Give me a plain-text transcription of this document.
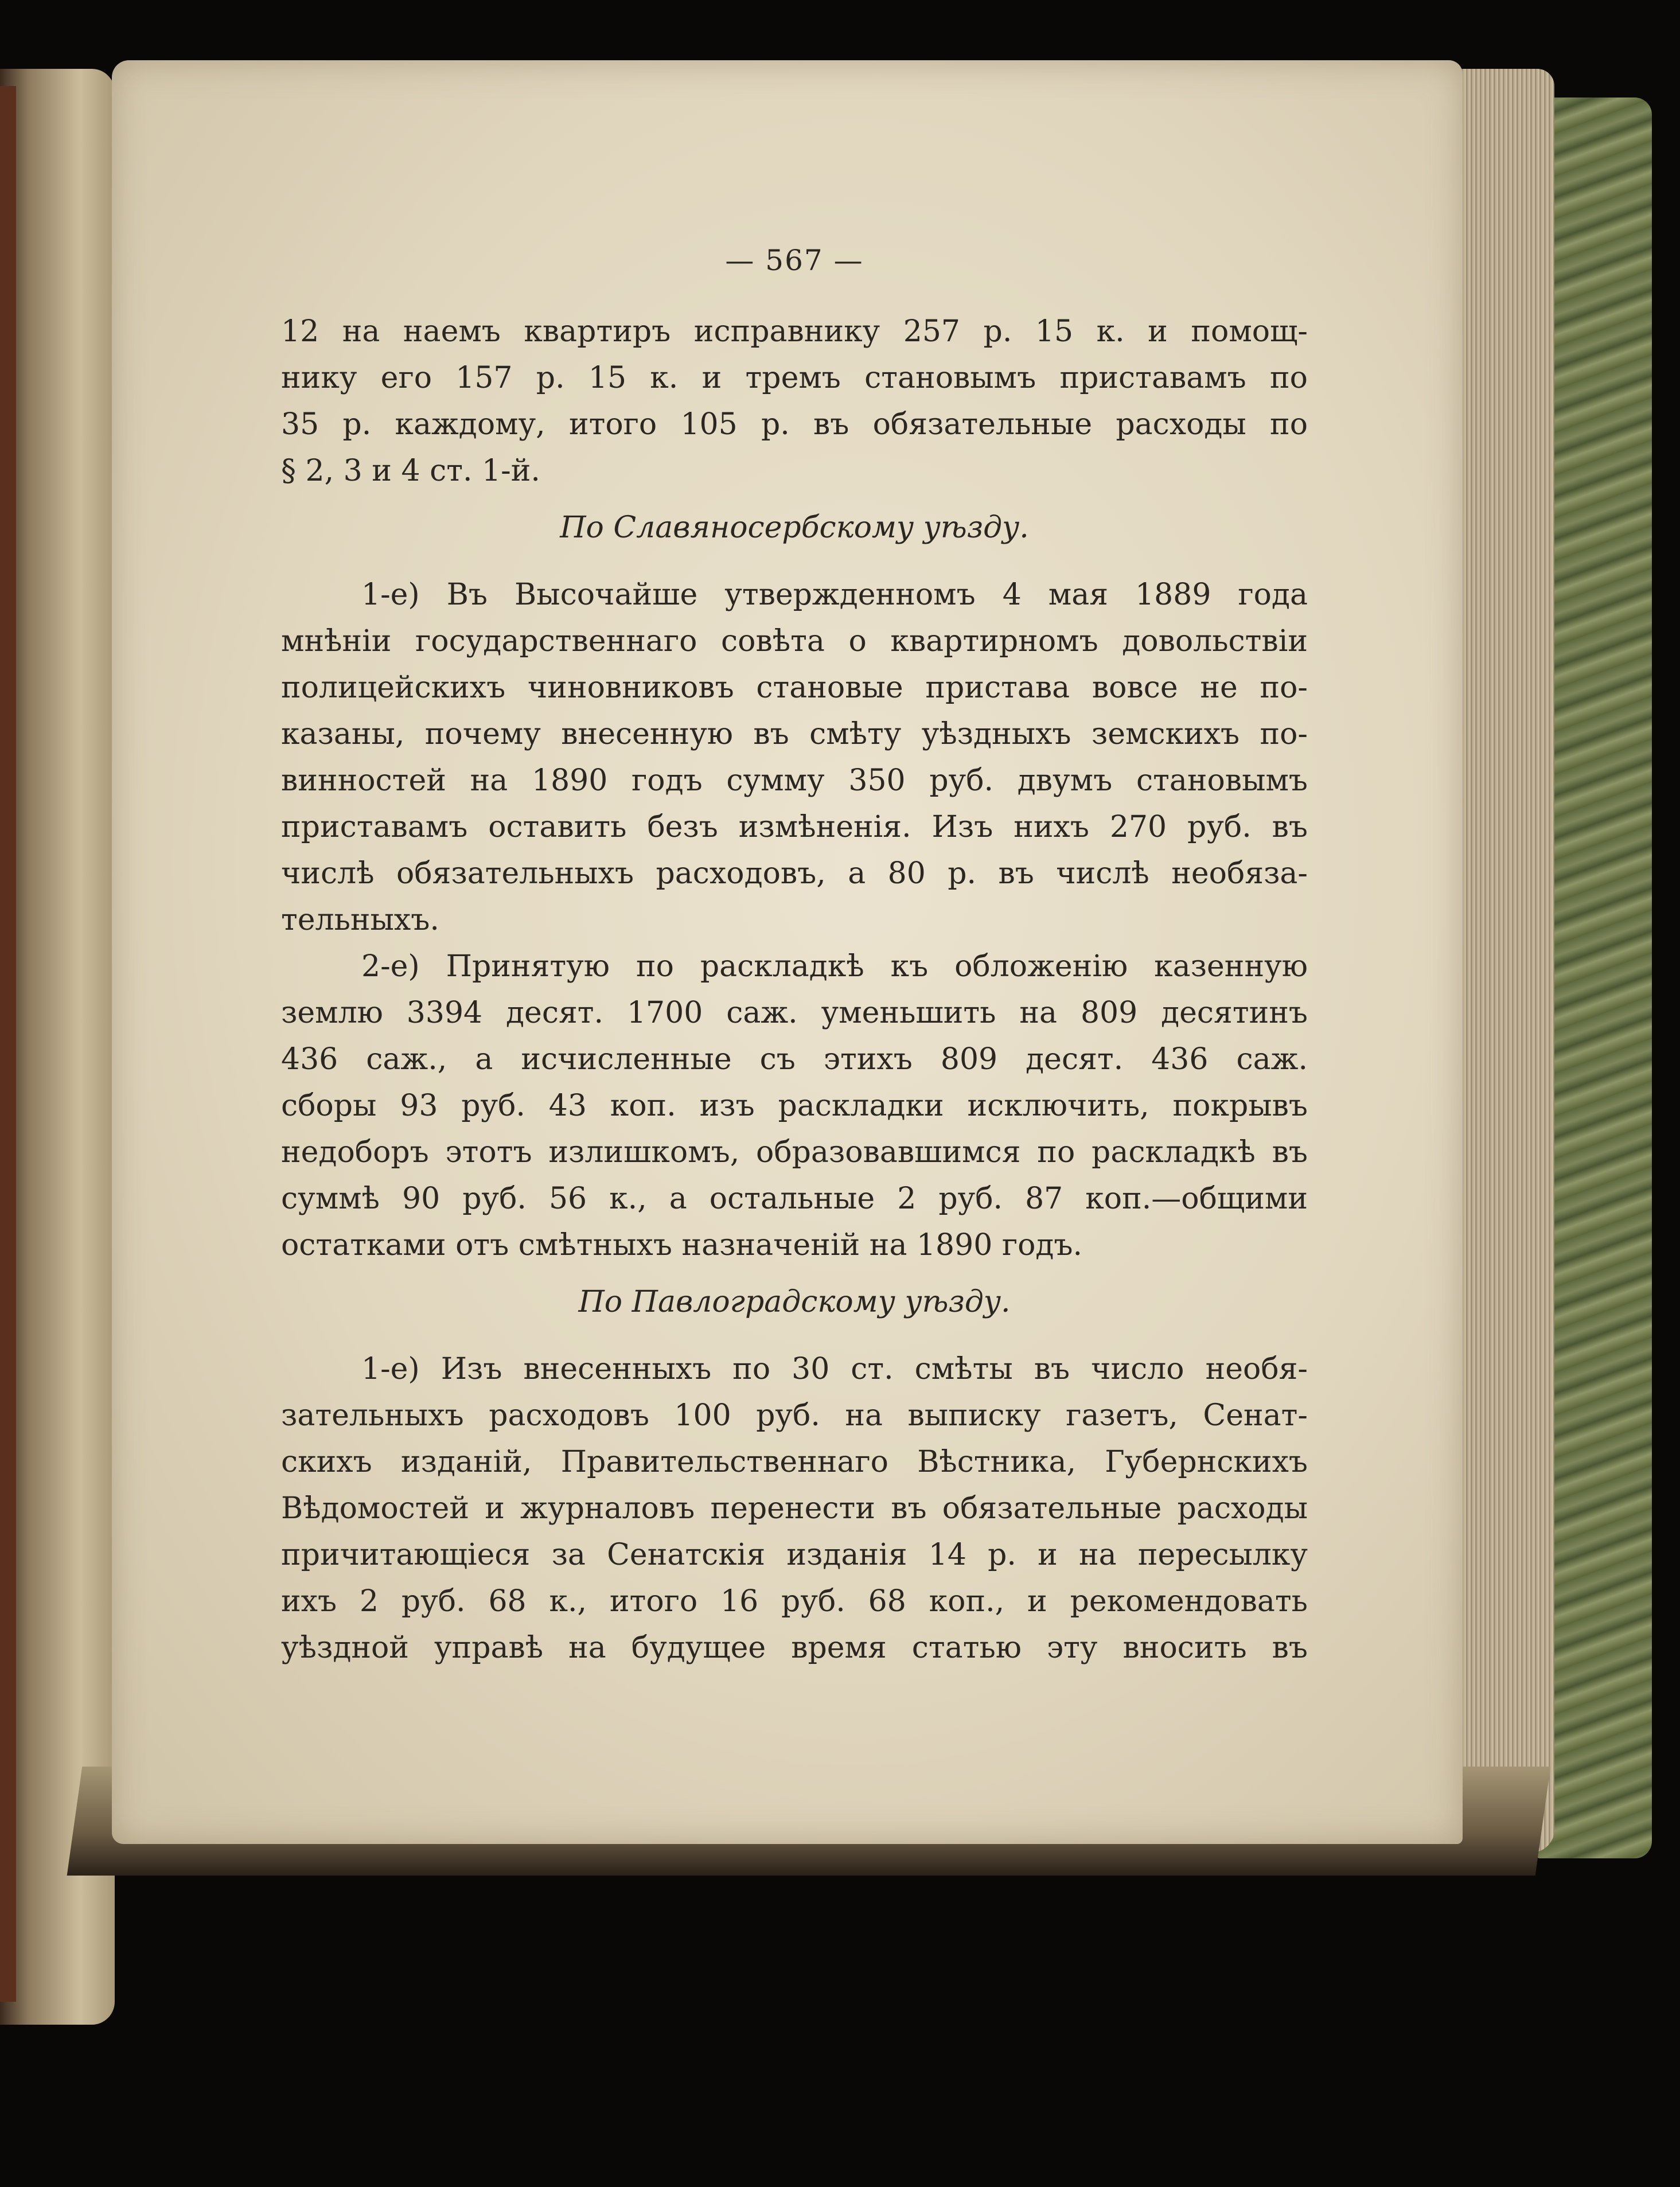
— 567 —
12 на наемъ квартиръ исправнику 257 р. 15 к. и помощ-
нику его 157 р. 15 к. и тремъ становымъ приставамъ по
35 р. каждому, итого 105 р. въ обязательные расходы по
§ 2, 3 и 4 ст. 1-й.
По Славяносербскому уѣзду.
1-е) Въ Высочайше утвержденномъ 4 мая 1889 года
мнѣніи государственнаго совѣта о квартирномъ довольствіи
полицейскихъ чиновниковъ становые пристава вовсе не по-
казаны, почему внесенную въ смѣту уѣздныхъ земскихъ по-
винностей на 1890 годъ сумму 350 руб. двумъ становымъ
приставамъ оставить безъ измѣненія. Изъ нихъ 270 руб. въ
числѣ обязательныхъ расходовъ, а 80 р. въ числѣ необяза-
тельныхъ.
2-е) Принятую по раскладкѣ къ обложенію казенную
землю 3394 десят. 1700 саж. уменьшить на 809 десятинъ
436 саж., а исчисленные съ этихъ 809 десят. 436 саж.
сборы 93 руб. 43 коп. изъ раскладки исключить, покрывъ
недоборъ этотъ излишкомъ, образовавшимся по раскладкѣ въ
суммѣ 90 руб. 56 к., а остальные 2 руб. 87 коп.—общими
остатками отъ смѣтныхъ назначеній на 1890 годъ.
По Павлоградскому уѣзду.
1-е) Изъ внесенныхъ по 30 ст. смѣты въ число необя-
зательныхъ расходовъ 100 руб. на выписку газетъ, Сенат-
скихъ изданій, Правительственнаго Вѣстника, Губернскихъ
Вѣдомостей и журналовъ перенести въ обязательные расходы
причитающіеся за Сенатскія изданія 14 р. и на пересылку
ихъ 2 руб. 68 к., итого 16 руб. 68 коп., и рекомендовать
уѣздной управѣ на будущее время статью эту вносить въ
